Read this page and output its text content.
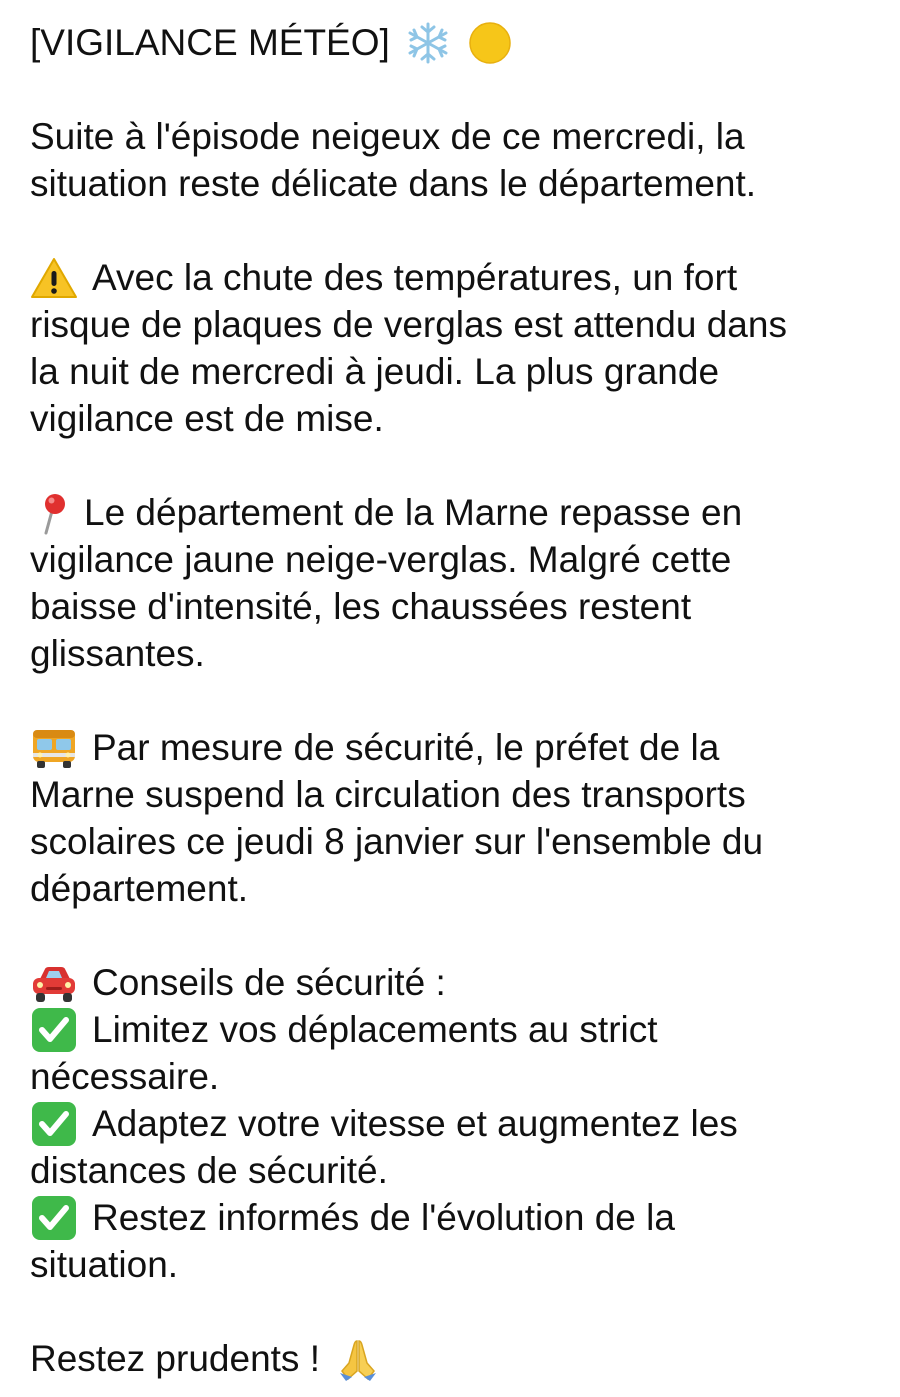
[VIGILANCE MÉTÉO]
Suite à l'épisode neigeux de ce mercredi, la
situation reste délicate dans le département.
Avec la chute des températures, un fort
risque de plaques de verglas est attendu dans
la nuit de mercredi à jeudi. La plus grande
vigilance est de mise.
Le département de la Marne repasse en
vigilance jaune neige-verglas. Malgré cette
baisse d'intensité, les chaussées restent
glissantes.
Par mesure de sécurité, le préfet de la
Marne suspend la circulation des transports
scolaires ce jeudi 8 janvier sur l'ensemble du
département.
Conseils de sécurité :
Limitez vos déplacements au strict
nécessaire.
Adaptez votre vitesse et augmentez les
distances de sécurité.
Restez informés de l'évolution de la
situation.
Restez prudents !
